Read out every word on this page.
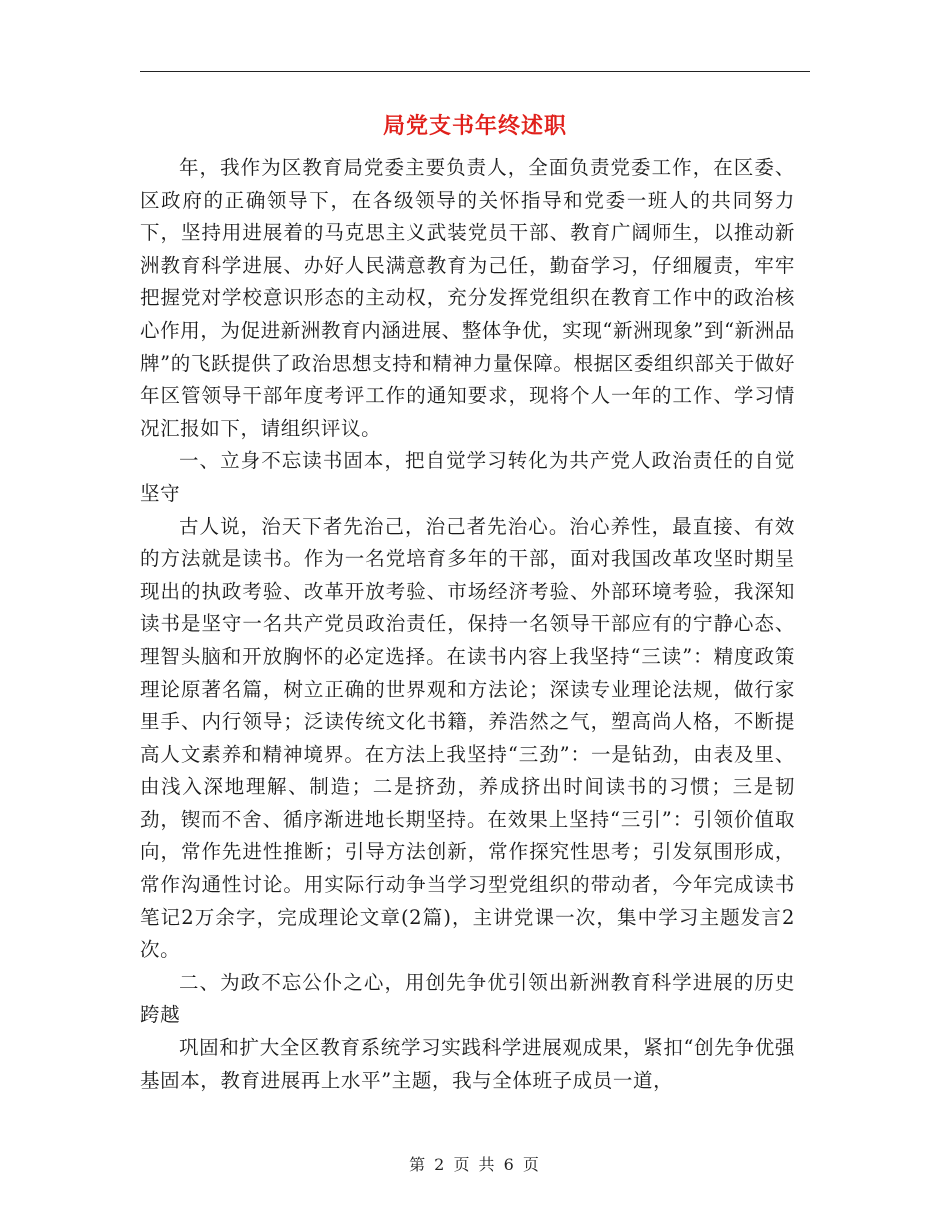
局党支书年终述职

年，我作为区教育局党委主要负责人，全面负责党委工作，在区委、区政府的正确领导下，在各级领导的关怀指导和党委一班人的共同努力下，坚持用进展着的马克思主义武装党员干部、教育广阔师生，以推动新洲教育科学进展、办好人民满意教育为己任，勤奋学习，仔细履责，牢牢把握党对学校意识形态的主动权，充分发挥党组织在教育工作中的政治核心作用，为促进新洲教育内涵进展、整体争优，实现“新洲现象”到“新洲品牌”的飞跃提供了政治思想支持和精神力量保障。根据区委组织部关于做好年区管领导干部年度考评工作的通知要求，现将个人一年的工作、学习情况汇报如下，请组织评议。

一、立身不忘读书固本，把自觉学习转化为共产党人政治责任的自觉坚守

古人说，治天下者先治己，治己者先治心。治心养性，最直接、有效的方法就是读书。作为一名党培育多年的干部，面对我国改革攻坚时期呈现出的执政考验、改革开放考验、市场经济考验、外部环境考验，我深知读书是坚守一名共产党员政治责任，保持一名领导干部应有的宁静心态、理智头脑和开放胸怀的必定选择。在读书内容上我坚持“三读”：精度政策理论原著名篇，树立正确的世界观和方法论；深读专业理论法规，做行家里手、内行领导；泛读传统文化书籍，养浩然之气，塑高尚人格，不断提高人文素养和精神境界。在方法上我坚持“三劲”：一是钻劲，由表及里、由浅入深地理解、制造；二是挤劲，养成挤出时间读书的习惯；三是韧劲，锲而不舍、循序渐进地长期坚持。在效果上坚持“三引”：引领价值取向，常作先进性推断；引导方法创新，常作探究性思考；引发氛围形成，常作沟通性讨论。用实际行动争当学习型党组织的带动者，今年完成读书笔记2万余字，完成理论文章(2篇)，主讲党课一次，集中学习主题发言2次。

二、为政不忘公仆之心，用创先争优引领出新洲教育科学进展的历史跨越

巩固和扩大全区教育系统学习实践科学进展观成果，紧扣“创先争优强基固本，教育进展再上水平”主题，我与全体班子成员一道，

第 2 页 共 6 页
